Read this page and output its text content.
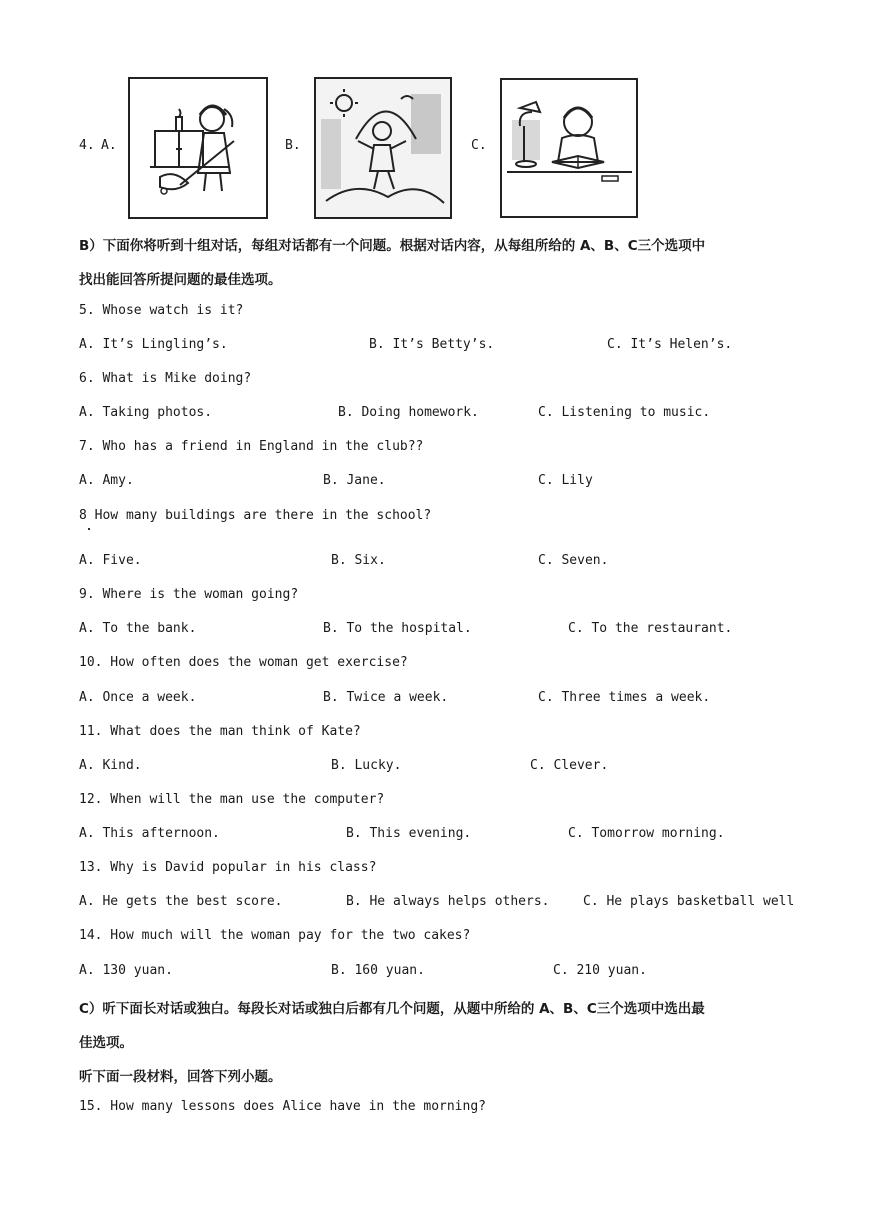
4. A.	B.	C.
B）下面你将听到十组对话，每组对话都有一个问题。根据对话内容，从每组所给的 A、B、C三个选项中
找出能回答所提问题的最佳选项。
5. Whose watch is it?
A. It’s Lingling’s.	B. It’s Betty’s.	C. It’s Helen’s.
6. What is Mike doing?
A. Taking photos.	B. Doing homework.	C. Listening to music.
7. Who has a friend in England in the club??
A. Amy.	B. Jane.	C. Lily
8 How many buildings are there in the school?
A. Five.	B. Six.	C. Seven.
9. Where is the woman going?
A. To the bank.	B. To the hospital.	C. To the restaurant.
10. How often does the woman get exercise?
A. Once a week.	B. Twice a week.	C. Three times a week.
11. What does the man think of Kate?
A. Kind.	B. Lucky.	C. Clever.
12. When will the man use the computer?
A. This afternoon.	B. This evening.	C. Tomorrow morning.
13. Why is David popular in his class?
A. He gets the best score.	B. He always helps others.	C. He plays basketball well
14. How much will the woman pay for the two cakes?
A. 130 yuan.	B. 160 yuan.	C. 210 yuan.
C）听下面长对话或独白。每段长对话或独白后都有几个问题，从题中所给的 A、B、C三个选项中选出最
佳选项。
听下面一段材料，回答下列小题。
15. How many lessons does Alice have in the morning?
